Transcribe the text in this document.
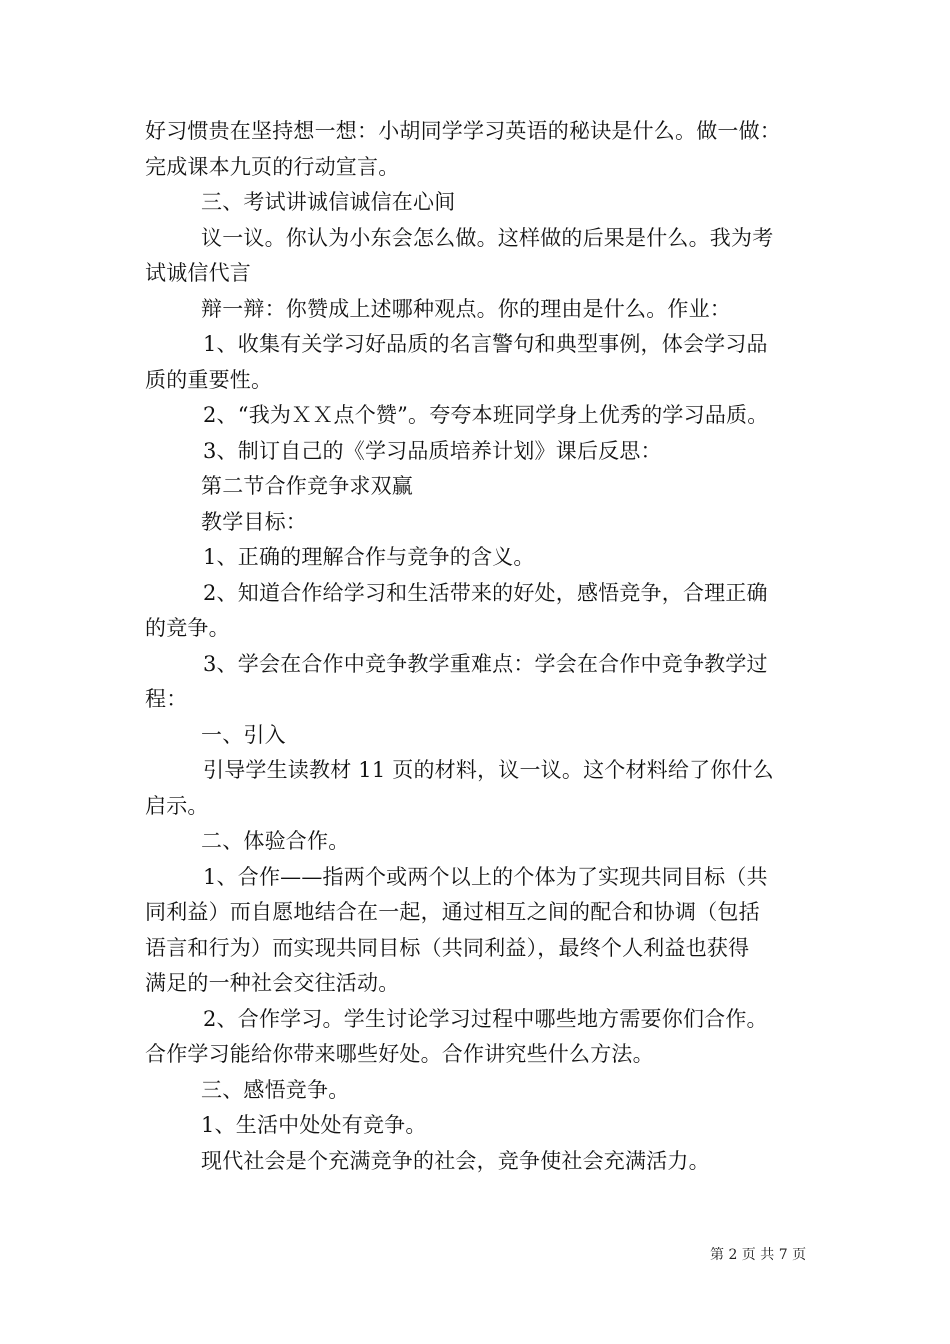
好习惯贵在坚持想一想：小胡同学学习英语的秘诀是什么。做一做：
完成课本九页的行动宣言。
三、考试讲诚信诚信在心间
议一议。你认为小东会怎么做。这样做的后果是什么。我为考
试诚信代言
辩一辩：你赞成上述哪种观点。你的理由是什么。作业：
1、收集有关学习好品质的名言警句和典型事例，体会学习品
质的重要性。
2、“我为ＸＸ点个赞”。夸夸本班同学身上优秀的学习品质。
3、制订自己的《学习品质培养计划》课后反思：
第二节合作竞争求双赢
教学目标：
1、正确的理解合作与竞争的含义。
2、知道合作给学习和生活带来的好处，感悟竞争，合理正确
的竞争。
3、学会在合作中竞争教学重难点：学会在合作中竞争教学过
程：
一、引入
引导学生读教材 11 页的材料，议一议。这个材料给了你什么
启示。
二、体验合作。
1、合作——指两个或两个以上的个体为了实现共同目标（共
同利益）而自愿地结合在一起，通过相互之间的配合和协调（包括
语言和行为）而实现共同目标（共同利益），最终个人利益也获得
满足的一种社会交往活动。
2、合作学习。学生讨论学习过程中哪些地方需要你们合作。
合作学习能给你带来哪些好处。合作讲究些什么方法。
三、感悟竞争。
1、生活中处处有竞争。
现代社会是个充满竞争的社会，竞争使社会充满活力。
第 2 页 共 7 页
